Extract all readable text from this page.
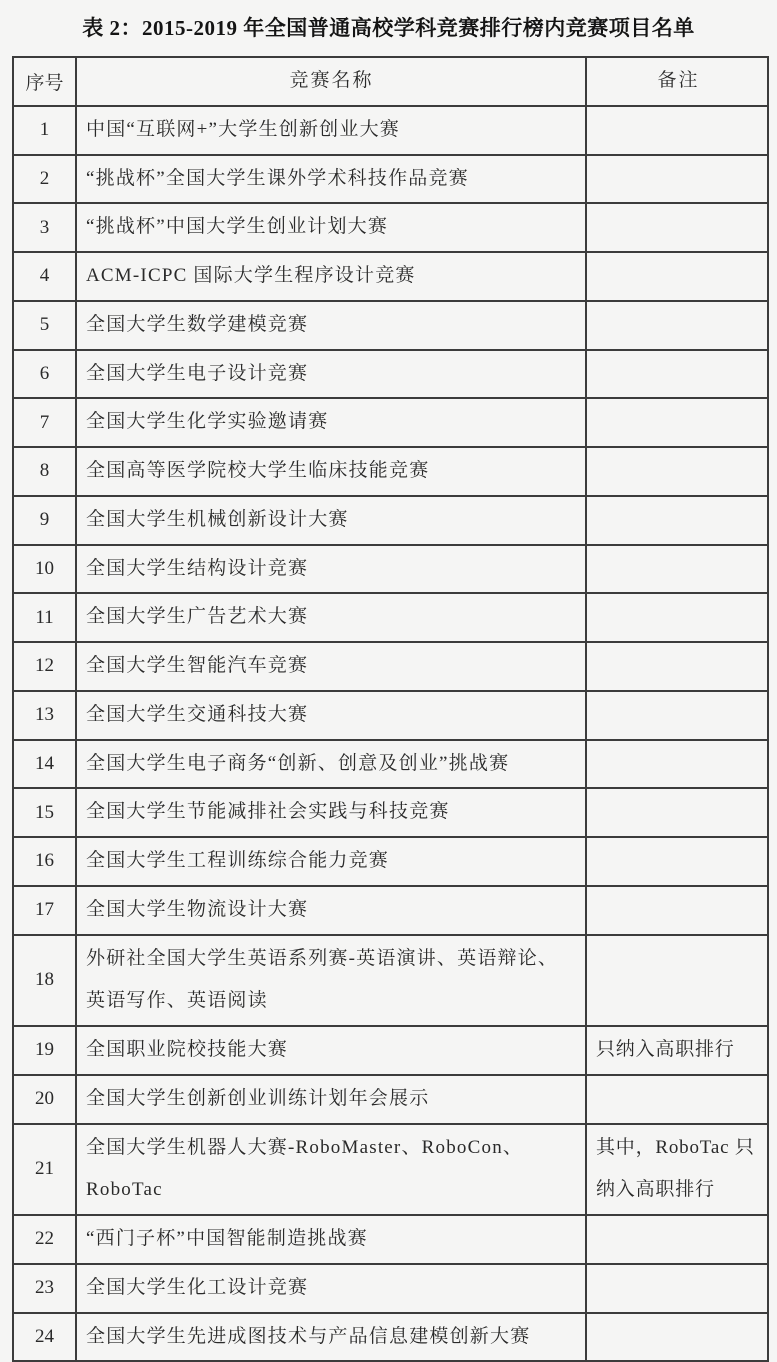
表 2：2015-2019 年全国普通高校学科竞赛排行榜内竞赛项目名单
序号	竞赛名称	备注
1	中国“互联网+”大学生创新创业大赛	
2	“挑战杯”全国大学生课外学术科技作品竞赛	
3	“挑战杯”中国大学生创业计划大赛	
4	ACM-ICPC 国际大学生程序设计竞赛	
5	全国大学生数学建模竞赛	
6	全国大学生电子设计竞赛	
7	全国大学生化学实验邀请赛	
8	全国高等医学院校大学生临床技能竞赛	
9	全国大学生机械创新设计大赛	
10	全国大学生结构设计竞赛	
11	全国大学生广告艺术大赛	
12	全国大学生智能汽车竞赛	
13	全国大学生交通科技大赛	
14	全国大学生电子商务“创新、创意及创业”挑战赛	
15	全国大学生节能减排社会实践与科技竞赛	
16	全国大学生工程训练综合能力竞赛	
17	全国大学生物流设计大赛	
18	外研社全国大学生英语系列赛-英语演讲、英语辩论、英语写作、英语阅读	
19	全国职业院校技能大赛	只纳入高职排行
20	全国大学生创新创业训练计划年会展示	
21	全国大学生机器人大赛-RoboMaster、RoboCon、RoboTac	其中，RoboTac 只纳入高职排行
22	“西门子杯”中国智能制造挑战赛	
23	全国大学生化工设计竞赛	
24	全国大学生先进成图技术与产品信息建模创新大赛	
